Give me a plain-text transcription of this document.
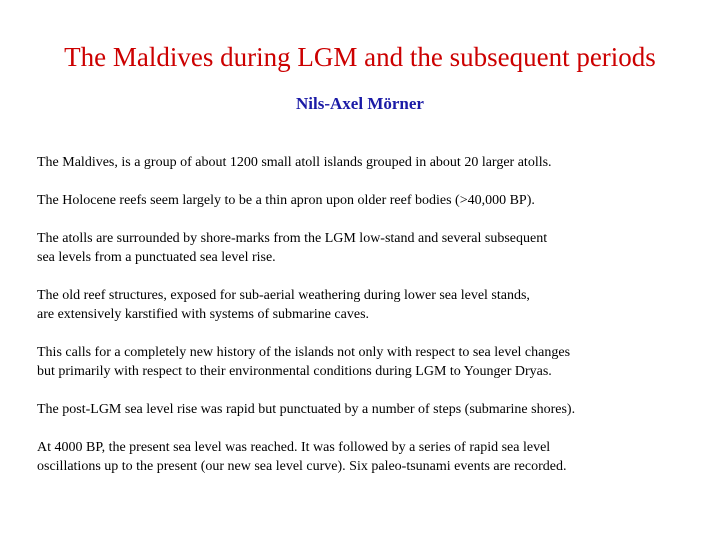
The Maldives during LGM and the subsequent periods
Nils-Axel Mörner
The Maldives, is a group of about 1200 small atoll islands grouped in about 20 larger atolls.
The Holocene reefs seem largely to be a thin apron upon older reef bodies (>40,000 BP).
The atolls are surrounded by shore-marks from the LGM low-stand and several subsequent
sea levels from a punctuated sea level rise.
The old reef structures, exposed for sub-aerial weathering during lower sea level stands,
are extensively karstified with systems of submarine caves.
This calls for a completely new history of the islands not only with respect to sea level changes
but primarily with respect to their environmental conditions during LGM to Younger Dryas.
The post-LGM sea level rise was rapid but punctuated by a number of steps (submarine shores).
At 4000 BP, the present sea level was reached. It was followed by a series of rapid sea level
oscillations up to the present (our new sea level curve). Six paleo-tsunami events are recorded.
